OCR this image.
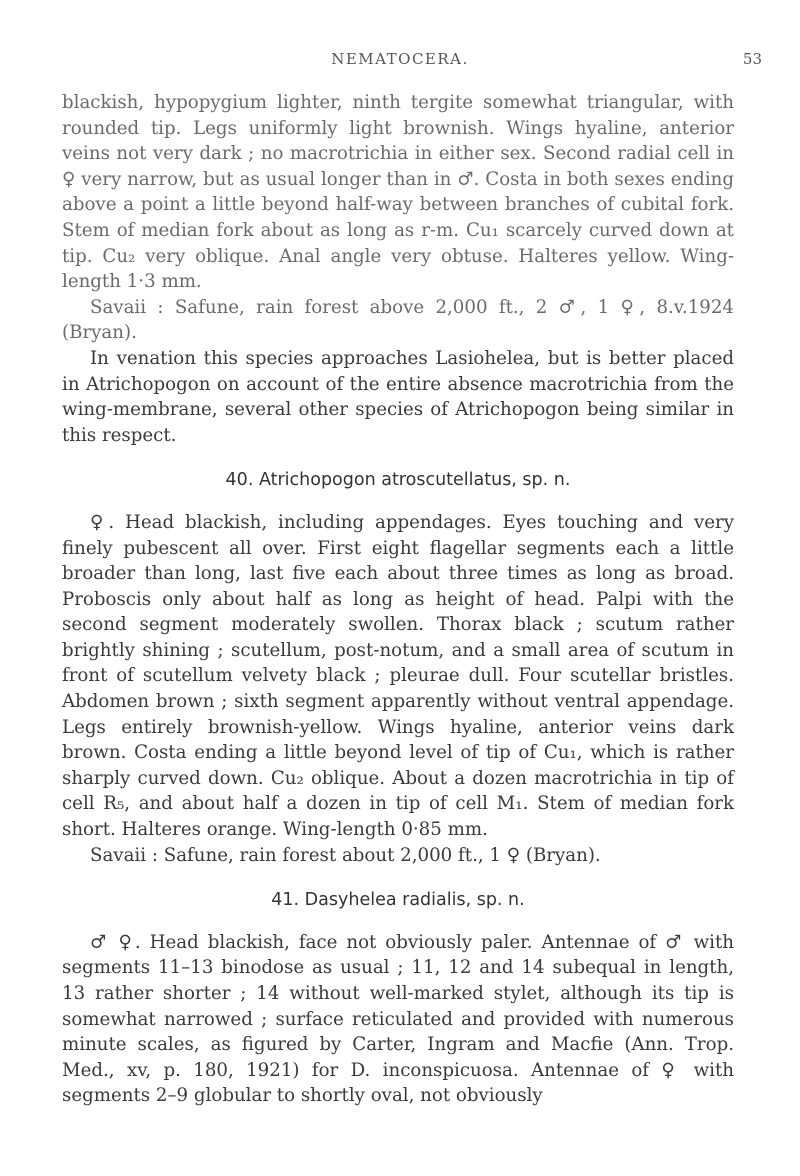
NEMATOCERA.	53

blackish, hypopygium lighter, ninth tergite somewhat triangular, with rounded tip. Legs uniformly light brownish. Wings hyaline, anterior veins not very dark ; no macrotrichia in either sex. Second radial cell in ♀ very narrow, but as usual longer than in ♂. Costa in both sexes ending above a point a little beyond half-way between branches of cubital fork. Stem of median fork about as long as r-m. Cu₁ scarcely curved down at tip. Cu₂ very oblique. Anal angle very obtuse. Halteres yellow. Wing-length 1·3 mm.

Savaii : Safune, rain forest above 2,000 ft., 2 ♂, 1 ♀, 8.v.1924 (Bryan).

In venation this species approaches Lasiohelea, but is better placed in Atrichopogon on account of the entire absence macrotrichia from the wing-membrane, several other species of Atrichopogon being similar in this respect.

40. Atrichopogon atroscutellatus, sp. n.

♀. Head blackish, including appendages. Eyes touching and very finely pubescent all over. First eight flagellar segments each a little broader than long, last five each about three times as long as broad. Proboscis only about half as long as height of head. Palpi with the second segment moderately swollen. Thorax black ; scutum rather brightly shining ; scutellum, post-notum, and a small area of scutum in front of scutellum velvety black ; pleurae dull. Four scutellar bristles. Abdomen brown ; sixth segment apparently without ventral appendage. Legs entirely brownish-yellow. Wings hyaline, anterior veins dark brown. Costa ending a little beyond level of tip of Cu₁, which is rather sharply curved down. Cu₂ oblique. About a dozen macrotrichia in tip of cell R₅, and about half a dozen in tip of cell M₁. Stem of median fork short. Halteres orange. Wing-length 0·85 mm.

Savaii : Safune, rain forest about 2,000 ft., 1 ♀ (Bryan).

41. Dasyhelea radialis, sp. n.

♂ ♀. Head blackish, face not obviously paler. Antennae of ♂ with segments 11–13 binodose as usual ; 11, 12 and 14 subequal in length, 13 rather shorter ; 14 without well-marked stylet, although its tip is somewhat narrowed ; surface reticulated and provided with numerous minute scales, as figured by Carter, Ingram and Macfie (Ann. Trop. Med., xv, p. 180, 1921) for D. inconspicuosa. Antennae of ♀ with segments 2–9 globular to shortly oval, not obviously
